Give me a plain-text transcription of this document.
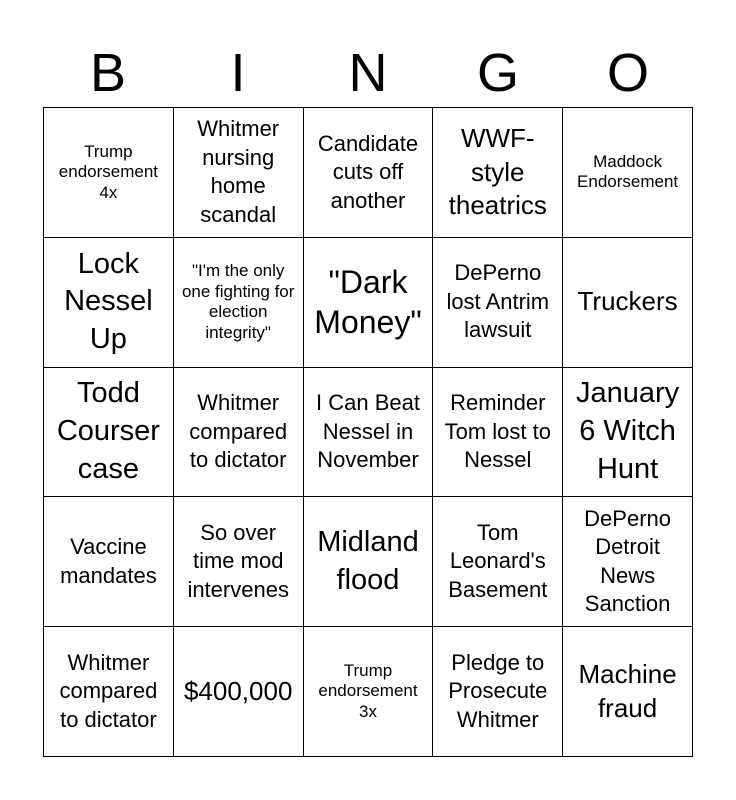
B	I	N	G	O
Trump endorsement 4x
Whitmer nursing home scandal
Candidate cuts off another
WWF-style theatrics
Maddock Endorsement
Lock Nessel Up
"I'm the only one fighting for election integrity"
"Dark Money"
DePerno lost Antrim lawsuit
Truckers
Todd Courser case
Whitmer compared to dictator
I Can Beat Nessel in November
Reminder Tom lost to Nessel
January 6 Witch Hunt
Vaccine mandates
So over time mod intervenes
Midland flood
Tom Leonard's Basement
DePerno Detroit News Sanction
Whitmer compared to dictator
$400,000
Trump endorsement 3x
Pledge to Prosecute Whitmer
Machine fraud
